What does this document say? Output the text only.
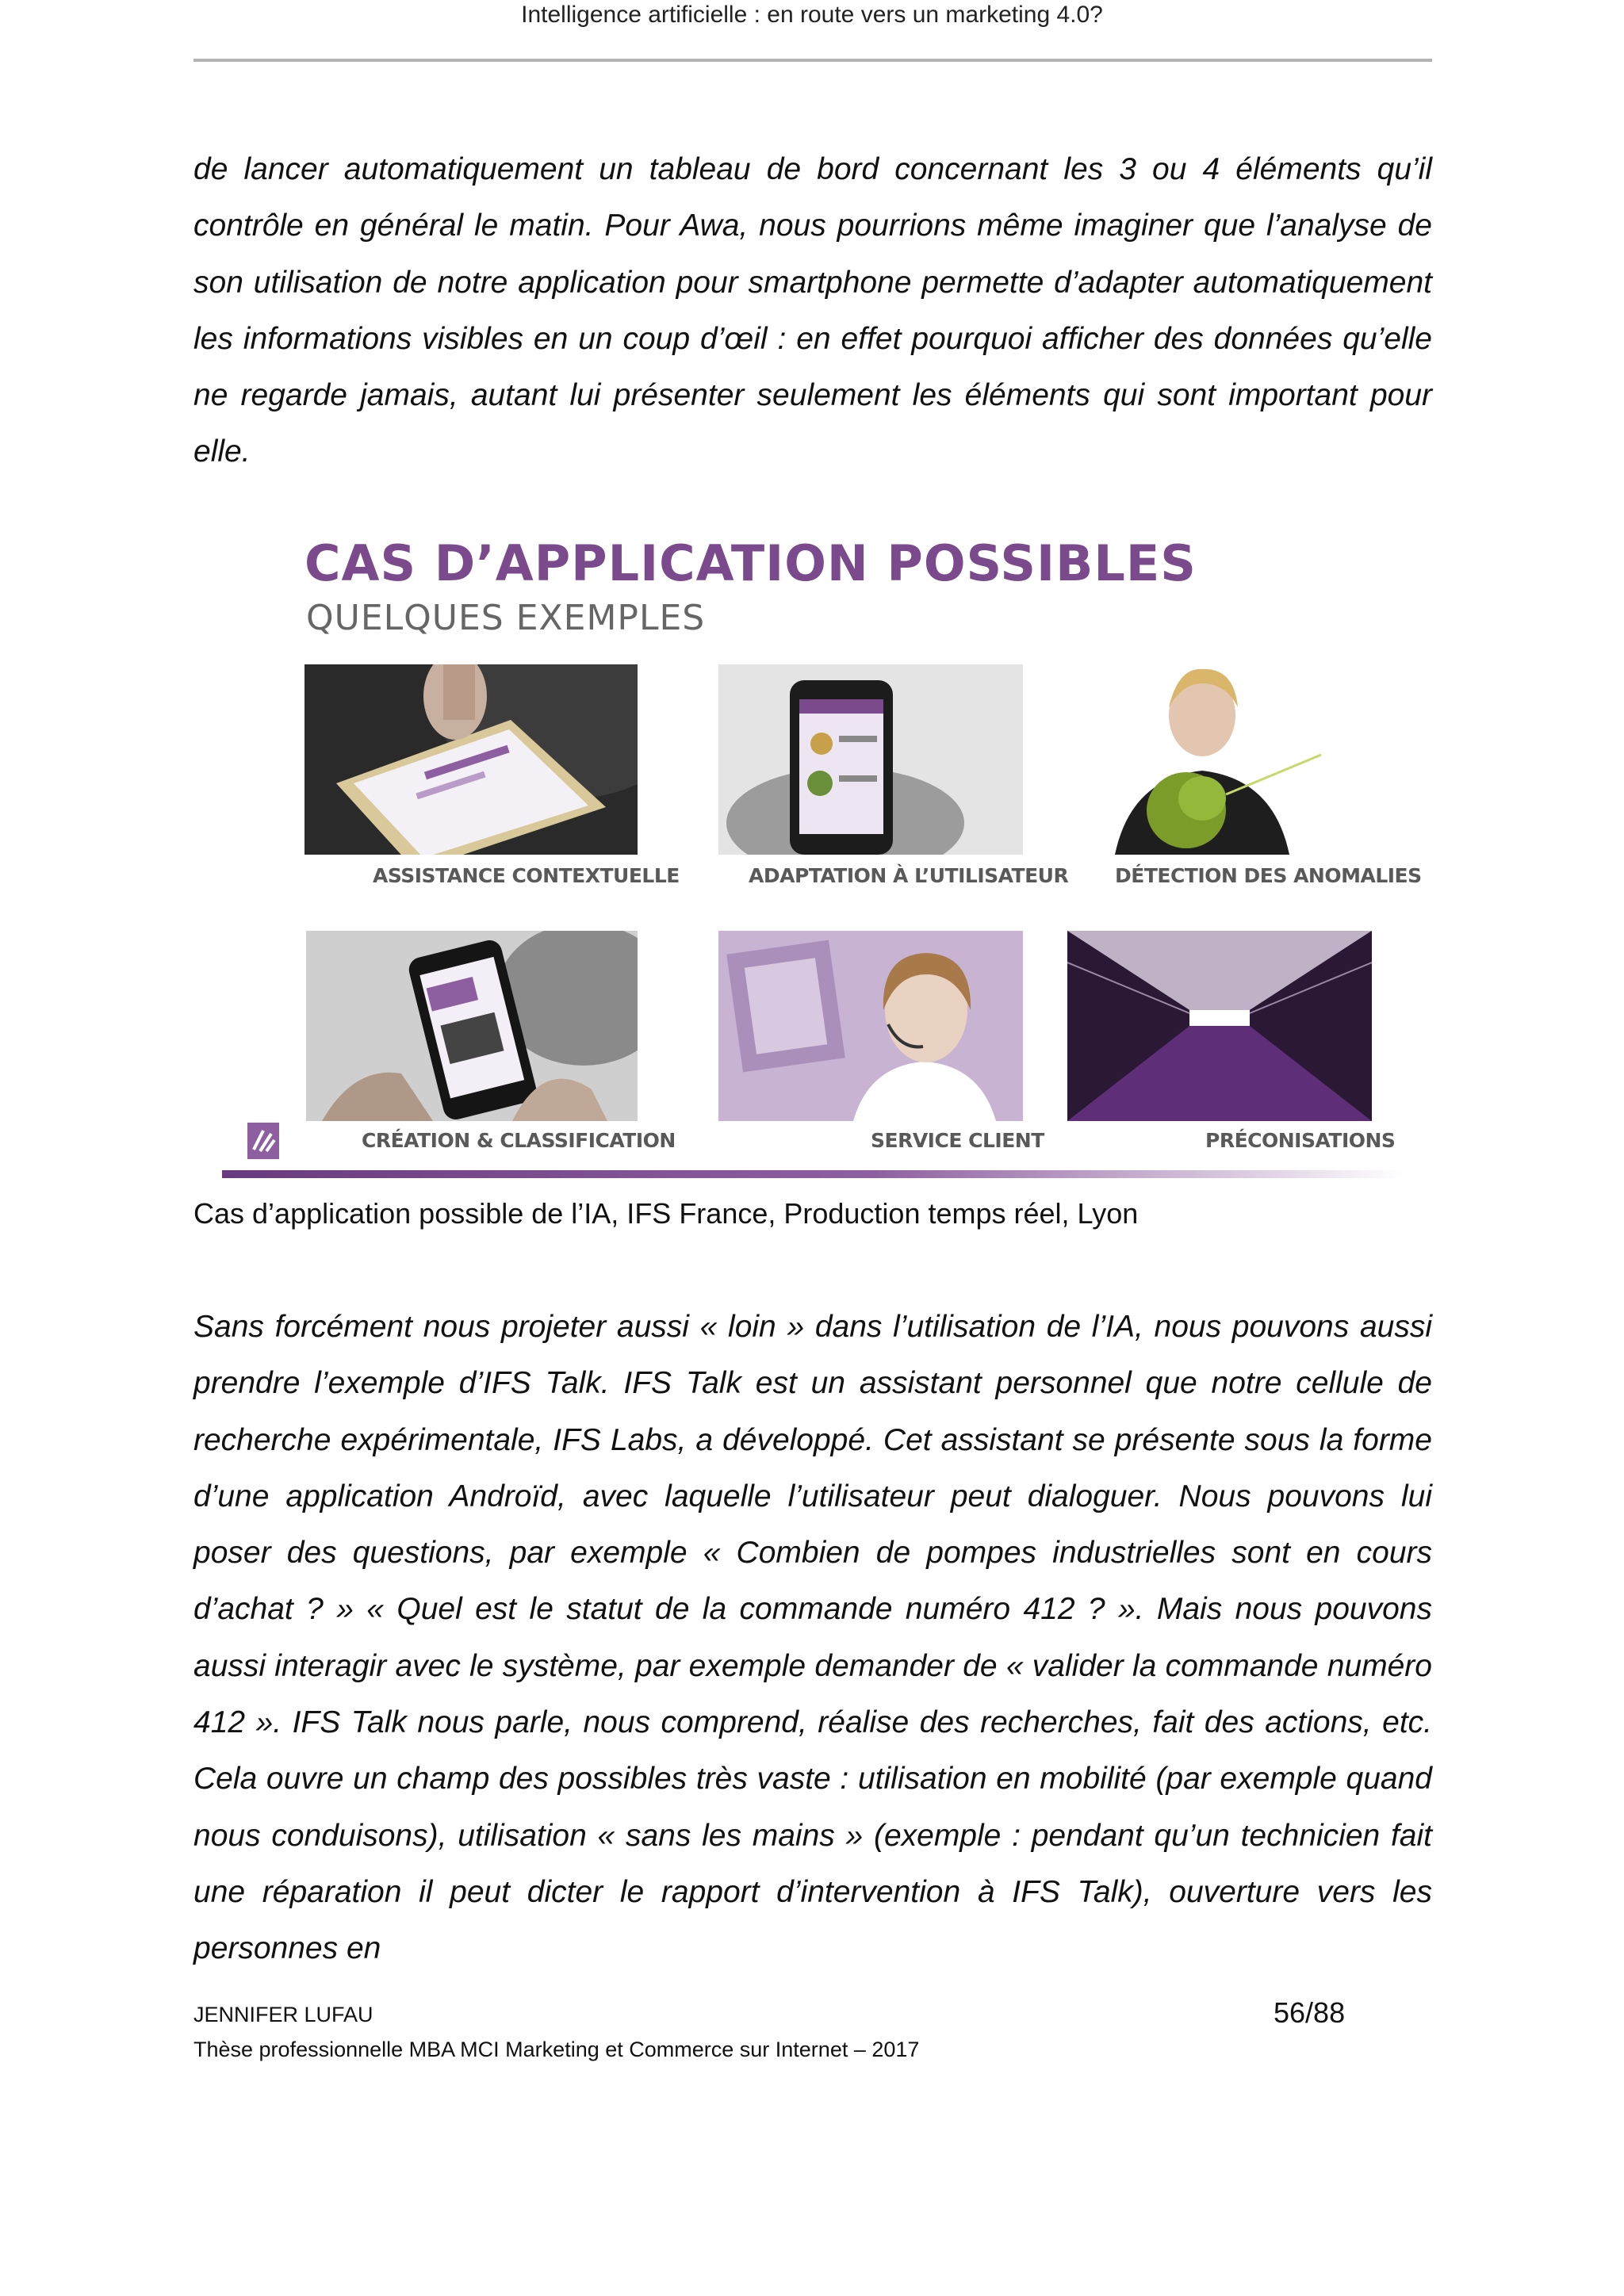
Intelligence artificielle : en route vers un marketing 4.0?

de lancer automatiquement un tableau de bord concernant les 3 ou 4 éléments qu’il contrôle en général le matin. Pour Awa, nous pourrions même imaginer que l’analyse de son utilisation de notre application pour smartphone permette d’adapter automatiquement les informations visibles en un coup d’œil : en effet pourquoi afficher des données qu’elle ne regarde jamais, autant lui présenter seulement les éléments qui sont important pour elle.

CAS D’APPLICATION POSSIBLES
QUELQUES EXEMPLES
ASSISTANCE CONTEXTUELLE	ADAPTATION À L’UTILISATEUR DÉTECTION DES ANOMALIES
CRÉATION & CLASSIFICATION	SERVICE CLIENT	PRÉCONISATIONS
Cas d’application possible de l’IA, IFS France, Production temps réel, Lyon

Sans forcément nous projeter aussi « loin » dans l’utilisation de l’IA, nous pouvons aussi prendre l’exemple d’IFS Talk. IFS Talk est un assistant personnel que notre cellule de recherche expérimentale, IFS Labs, a développé. Cet assistant se présente sous la forme d’une application Androïd, avec laquelle l’utilisateur peut dialoguer. Nous pouvons lui poser des questions, par exemple « Combien de pompes industrielles sont en cours d’achat ? » « Quel est le statut de la commande numéro 412 ? ». Mais nous pouvons aussi interagir avec le système, par exemple demander de « valider la commande numéro 412 ». IFS Talk nous parle, nous comprend, réalise des recherches, fait des actions, etc. Cela ouvre un champ des possibles très vaste : utilisation en mobilité (par exemple quand nous conduisons), utilisation « sans les mains » (exemple : pendant qu’un technicien fait une réparation il peut dicter le rapport d’intervention à IFS Talk), ouverture vers les personnes en

JENNIFER LUFAU	56/88
Thèse professionnelle MBA MCI Marketing et Commerce sur Internet – 2017
